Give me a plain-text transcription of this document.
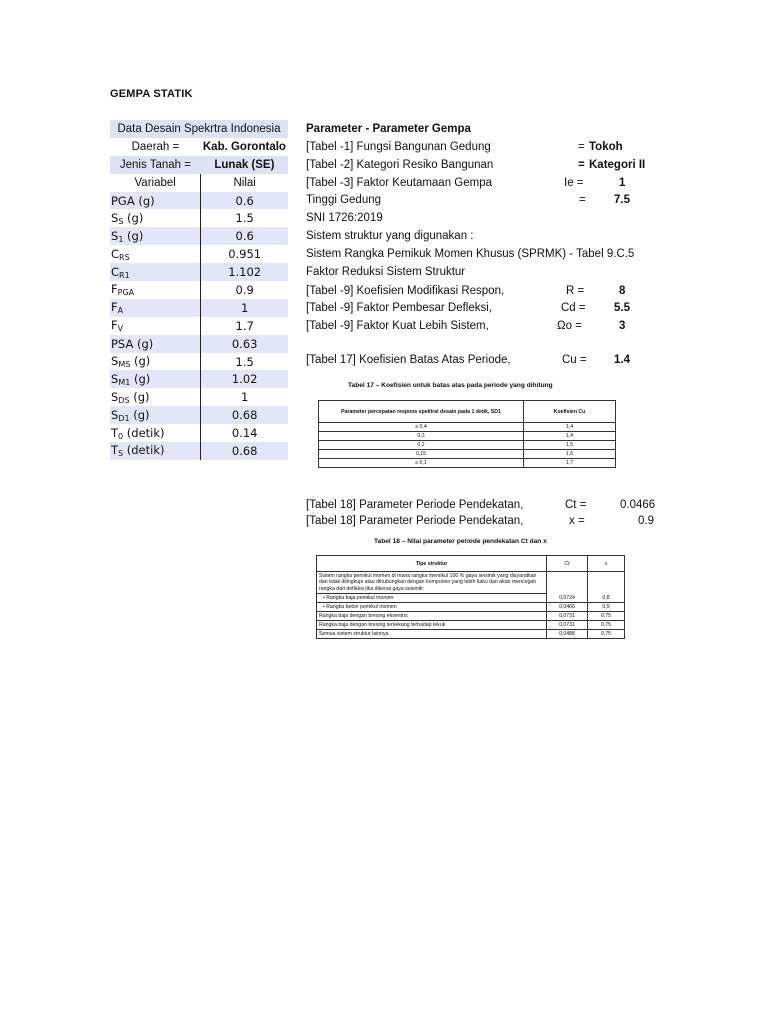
GEMPA STATIK
Data Desain Spekrtra Indonesia	
Daerah =	Kab. Gorontalo
Jenis Tanah =	Lunak (SE)
Variabel	Nilai
PGA (g)	0.6
$S_S$ (g)	1.5
$S_1$ (g)	0.6
$C_{RS}$	0.951
$C_{R1}$	1.102
$F_{PGA}$	0.9
$F_A$	1
$F_V$	1.7
PSA (g)	0.63
$S_{MS}$ (g)	1.5
$S_{M1}$ (g)	1.02
$S_{DS}$ (g)	1
$S_{D1}$ (g)	0.68
$T_0$ (detik)	0.14
$T_S$ (detik)	0.68
Parameter - Parameter Gempa
[Tabel -1] Fungsi Bangunan Gedung	= Tokoh
[Tabel -2] Kategori Resiko Bangunan	= Kategori II
[Tabel -3] Faktor Keutamaan Gempa	Ie =	1
Tinggi Gedung	= 7.5
SNI 1726:2019
Sistem struktur yang digunakan :
Sistem Rangka Pemikuk Momen Khusus (SPRMK) - Tabel 9.C.5
Faktor Reduksi Sistem Struktur
[Tabel -9] Koefisien Modifikasi Respon,	R =	8
[Tabel -9] Faktor Pembesar Defleksi,	Cd = 5.5
[Tabel -9] Faktor Kuat Lebih Sistem,	Ωo =	3
[Tabel 17] Koefisien Batas Atas Periode,	Cu = 1.4
Tabel 17 – Koefisien untuk batas atas pada periode yang dihitung
Parameter percepatan respons spektral desain pada 1 detik, SD1	Koefisien Cu
≥ 0,4	1,4
0,3	1,4
0,2	1,5
0,15	1,6
≤ 0,1	1,7
[Tabel 18] Parameter Periode Pendekatan,	Ct =	0.0466
[Tabel 18] Parameter Periode Pendekatan,	x =	0.9
Tabel 18 – Nilai parameter periode pendekatan Ct dan x
Tipe struktur	Ct	x
Sistem rangka pemikul momen di mana rangka memikul 100 % gaya seismik yang disyaratkan dan tidak dilingkupi atau dihubungkan dengan komponen yang lebih kaku dan akan mencegah rangka dari defleksi jika dikenai gaya seismik:		
• Rangka baja pemikul momen	0,0724	0,8
• Rangka beton pemikul momen	0,0466	0,9
Rangka baja dengan bresing eksentris	0,0731	0,75
Rangka baja dengan bresing terkekang terhadap tekuk	0,0731	0,75
Semua sistem struktur lainnya	0,0488	0,75
